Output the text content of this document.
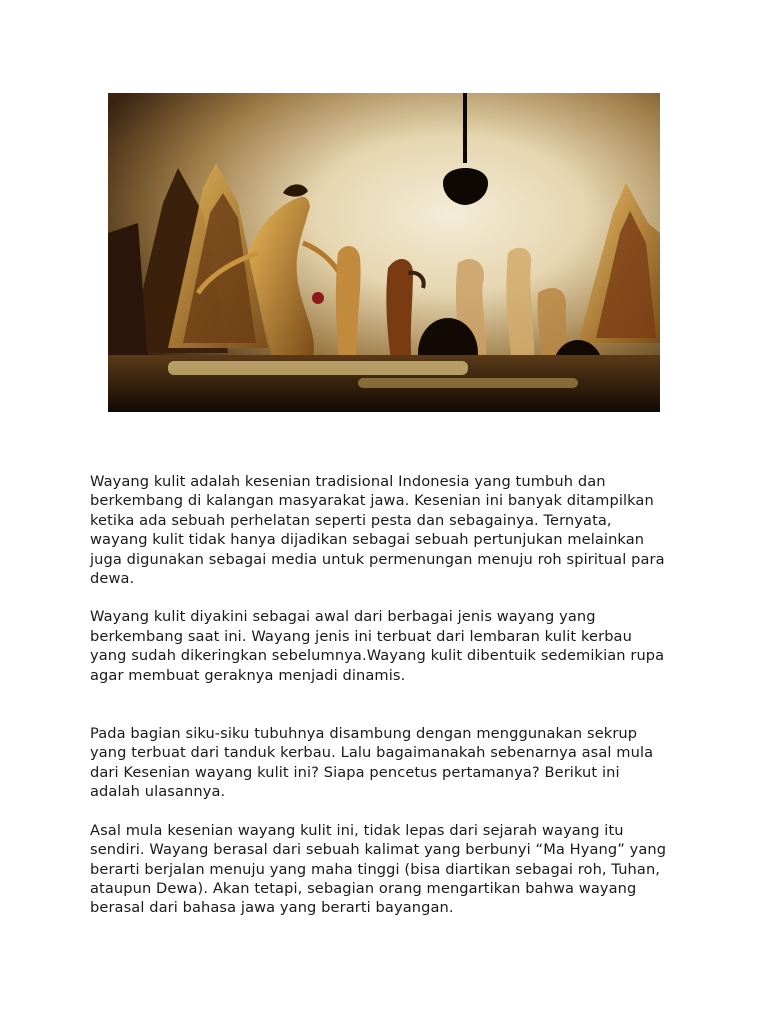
Wayang kulit adalah kesenian tradisional Indonesia yang tumbuh dan
berkembang di kalangan masyarakat jawa. Kesenian ini banyak ditampilkan
ketika ada sebuah perhelatan seperti pesta dan sebagainya. Ternyata,
wayang kulit tidak hanya dijadikan sebagai sebuah pertunjukan melainkan
juga digunakan sebagai media untuk permenungan menuju roh spiritual para
dewa.

Wayang kulit diyakini sebagai awal dari berbagai jenis wayang yang
berkembang saat ini. Wayang jenis ini terbuat dari lembaran kulit kerbau
yang sudah dikeringkan sebelumnya.Wayang kulit dibentuik sedemikian rupa
agar membuat geraknya menjadi dinamis.

Pada bagian siku-siku tubuhnya disambung dengan menggunakan sekrup
yang terbuat dari tanduk kerbau. Lalu bagaimanakah sebenarnya asal mula
dari Kesenian wayang kulit ini? Siapa pencetus pertamanya? Berikut ini
adalah ulasannya.

Asal mula kesenian wayang kulit ini, tidak lepas dari sejarah wayang itu
sendiri. Wayang berasal dari sebuah kalimat yang berbunyi “Ma Hyang” yang
berarti berjalan menuju yang maha tinggi (bisa diartikan sebagai roh, Tuhan,
ataupun Dewa). Akan tetapi, sebagian orang mengartikan bahwa wayang
berasal dari bahasa jawa yang berarti bayangan.
